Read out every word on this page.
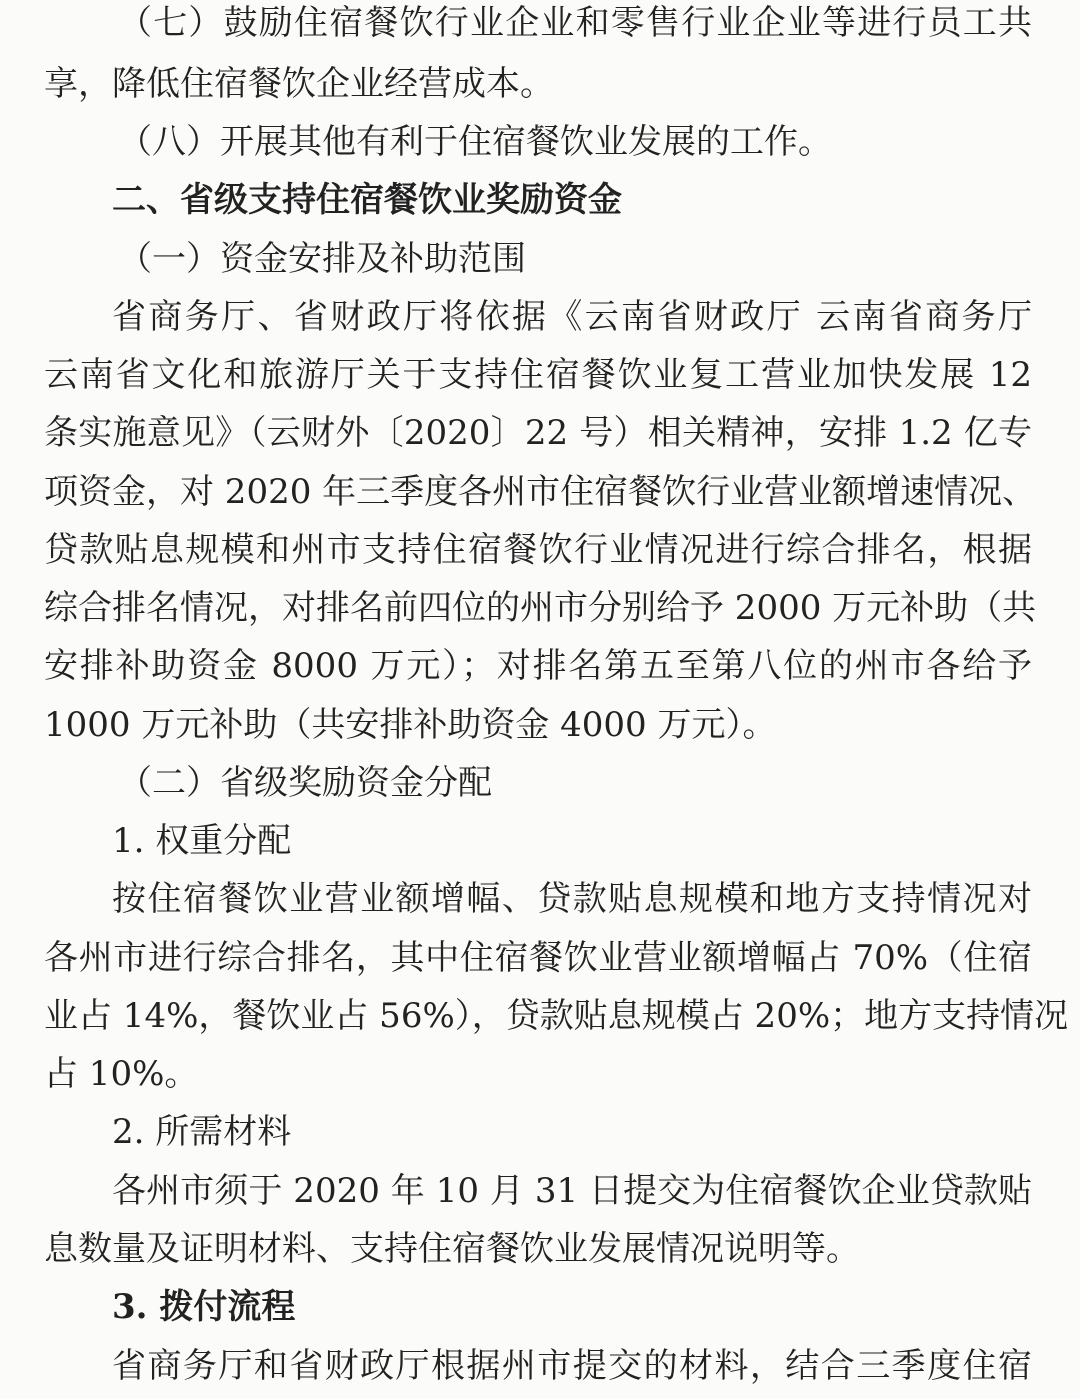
（七）鼓励住宿餐饮行业企业和零售行业企业等进行员工共

享，降低住宿餐饮企业经营成本。

（八）开展其他有利于住宿餐饮业发展的工作。

二、省级支持住宿餐饮业奖励资金

（一）资金安排及补助范围

省商务厅、省财政厅将依据《云南省财政厅 云南省商务厅

云南省文化和旅游厅关于支持住宿餐饮业复工营业加快发展 12

条实施意见》（云财外〔2020〕22 号）相关精神，安排 1.2 亿专

项资金，对 2020 年三季度各州市住宿餐饮行业营业额增速情况、

贷款贴息规模和州市支持住宿餐饮行业情况进行综合排名，根据

综合排名情况，对排名前四位的州市分别给予 2000 万元补助（共

安排补助资金 8000 万元）；对排名第五至第八位的州市各给予

1000 万元补助（共安排补助资金 4000 万元）。

（二）省级奖励资金分配

1. 权重分配

按住宿餐饮业营业额增幅、贷款贴息规模和地方支持情况对

各州市进行综合排名，其中住宿餐饮业营业额增幅占 70%（住宿

业占 14%，餐饮业占 56%），贷款贴息规模占 20%；地方支持情况

占 10%。

2. 所需材料

各州市须于 2020 年 10 月 31 日提交为住宿餐饮企业贷款贴

息数量及证明材料、支持住宿餐饮业发展情况说明等。

3. 拨付流程

省商务厅和省财政厅根据州市提交的材料，结合三季度住宿
